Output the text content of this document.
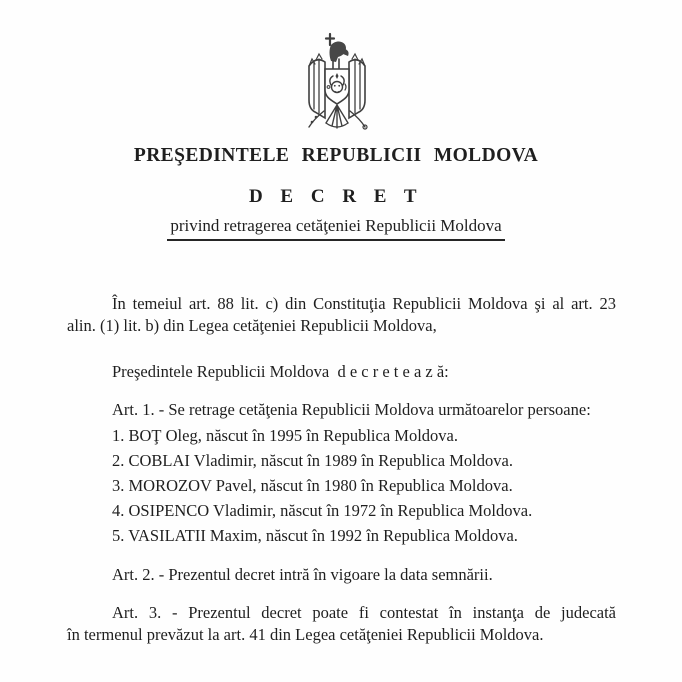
PREŞEDINTELE REPUBLICII MOLDOVA
D E C R E T
privind retragerea cetăţeniei Republicii Moldova
În temeiul art. 88 lit. c) din Constituţia Republicii Moldova şi al art. 23
alin. (1) lit. b) din Legea cetăţeniei Republicii Moldova,
Preşedintele Republicii Moldova  d e c r e t e a z ă:
Art. 1. - Se retrage cetăţenia Republicii Moldova următoarelor persoane:
1. BOŢ Oleg, născut în 1995 în Republica Moldova.
2. COBLAI Vladimir, născut în 1989 în Republica Moldova.
3. MOROZOV Pavel, născut în 1980 în Republica Moldova.
4. OSIPENCO Vladimir, născut în 1972 în Republica Moldova.
5. VASILATII Maxim, născut în 1992 în Republica Moldova.
Art. 2. - Prezentul decret intră în vigoare la data semnării.
Art. 3. - Prezentul decret poate fi contestat în instanţa de judecată
în termenul prevăzut la art. 41 din Legea cetăţeniei Republicii Moldova.
